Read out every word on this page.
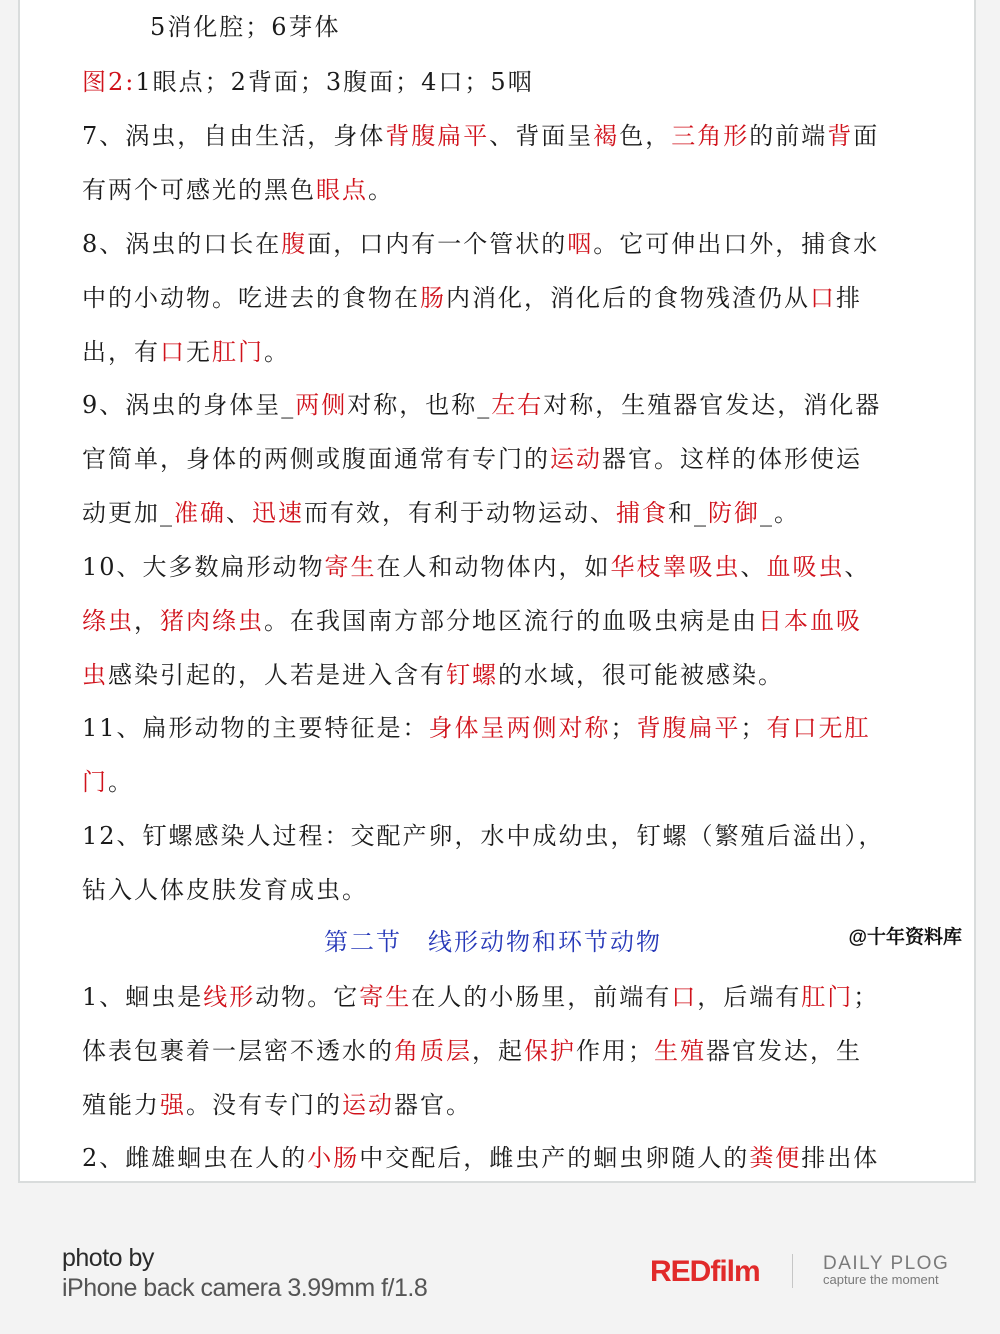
5消化腔；6芽体
图2:1眼点；2背面；3腹面；4口；5咽
7、涡虫，自由生活，身体背腹扁平、背面呈褐色，三角形的前端背面
有两个可感光的黑色眼点。
8、涡虫的口长在腹面，口内有一个管状的咽。它可伸出口外，捕食水
中的小动物。吃进去的食物在肠内消化，消化后的食物残渣仍从口排
出，有口无肛门。
9、涡虫的身体呈_两侧对称，也称_左右对称，生殖器官发达，消化器
官简单，身体的两侧或腹面通常有专门的运动器官。这样的体形使运
动更加_准确、迅速而有效，有利于动物运动、捕食和_防御_。
10、大多数扁形动物寄生在人和动物体内，如华枝睾吸虫、血吸虫、
绦虫，猪肉绦虫。在我国南方部分地区流行的血吸虫病是由日本血吸
虫感染引起的，人若是进入含有钉螺的水域，很可能被感染。
11、扁形动物的主要特征是：身体呈两侧对称；背腹扁平；有口无肛
门。
12、钉螺感染人过程：交配产卵，水中成幼虫，钉螺（繁殖后溢出），
钻入人体皮肤发育成虫。
第二节　线形动物和环节动物	@十年资料库
1、蛔虫是线形动物。它寄生在人的小肠里，前端有口，后端有肛门；
体表包裹着一层密不透水的角质层，起保护作用；生殖器官发达，生
殖能力强。没有专门的运动器官。
2、雌雄蛔虫在人的小肠中交配后，雌虫产的蛔虫卵随人的粪便排出体
photo by
iPhone back camera 3.99mm f/1.8	REDfilm	DAILY PLOG
capture the moment
